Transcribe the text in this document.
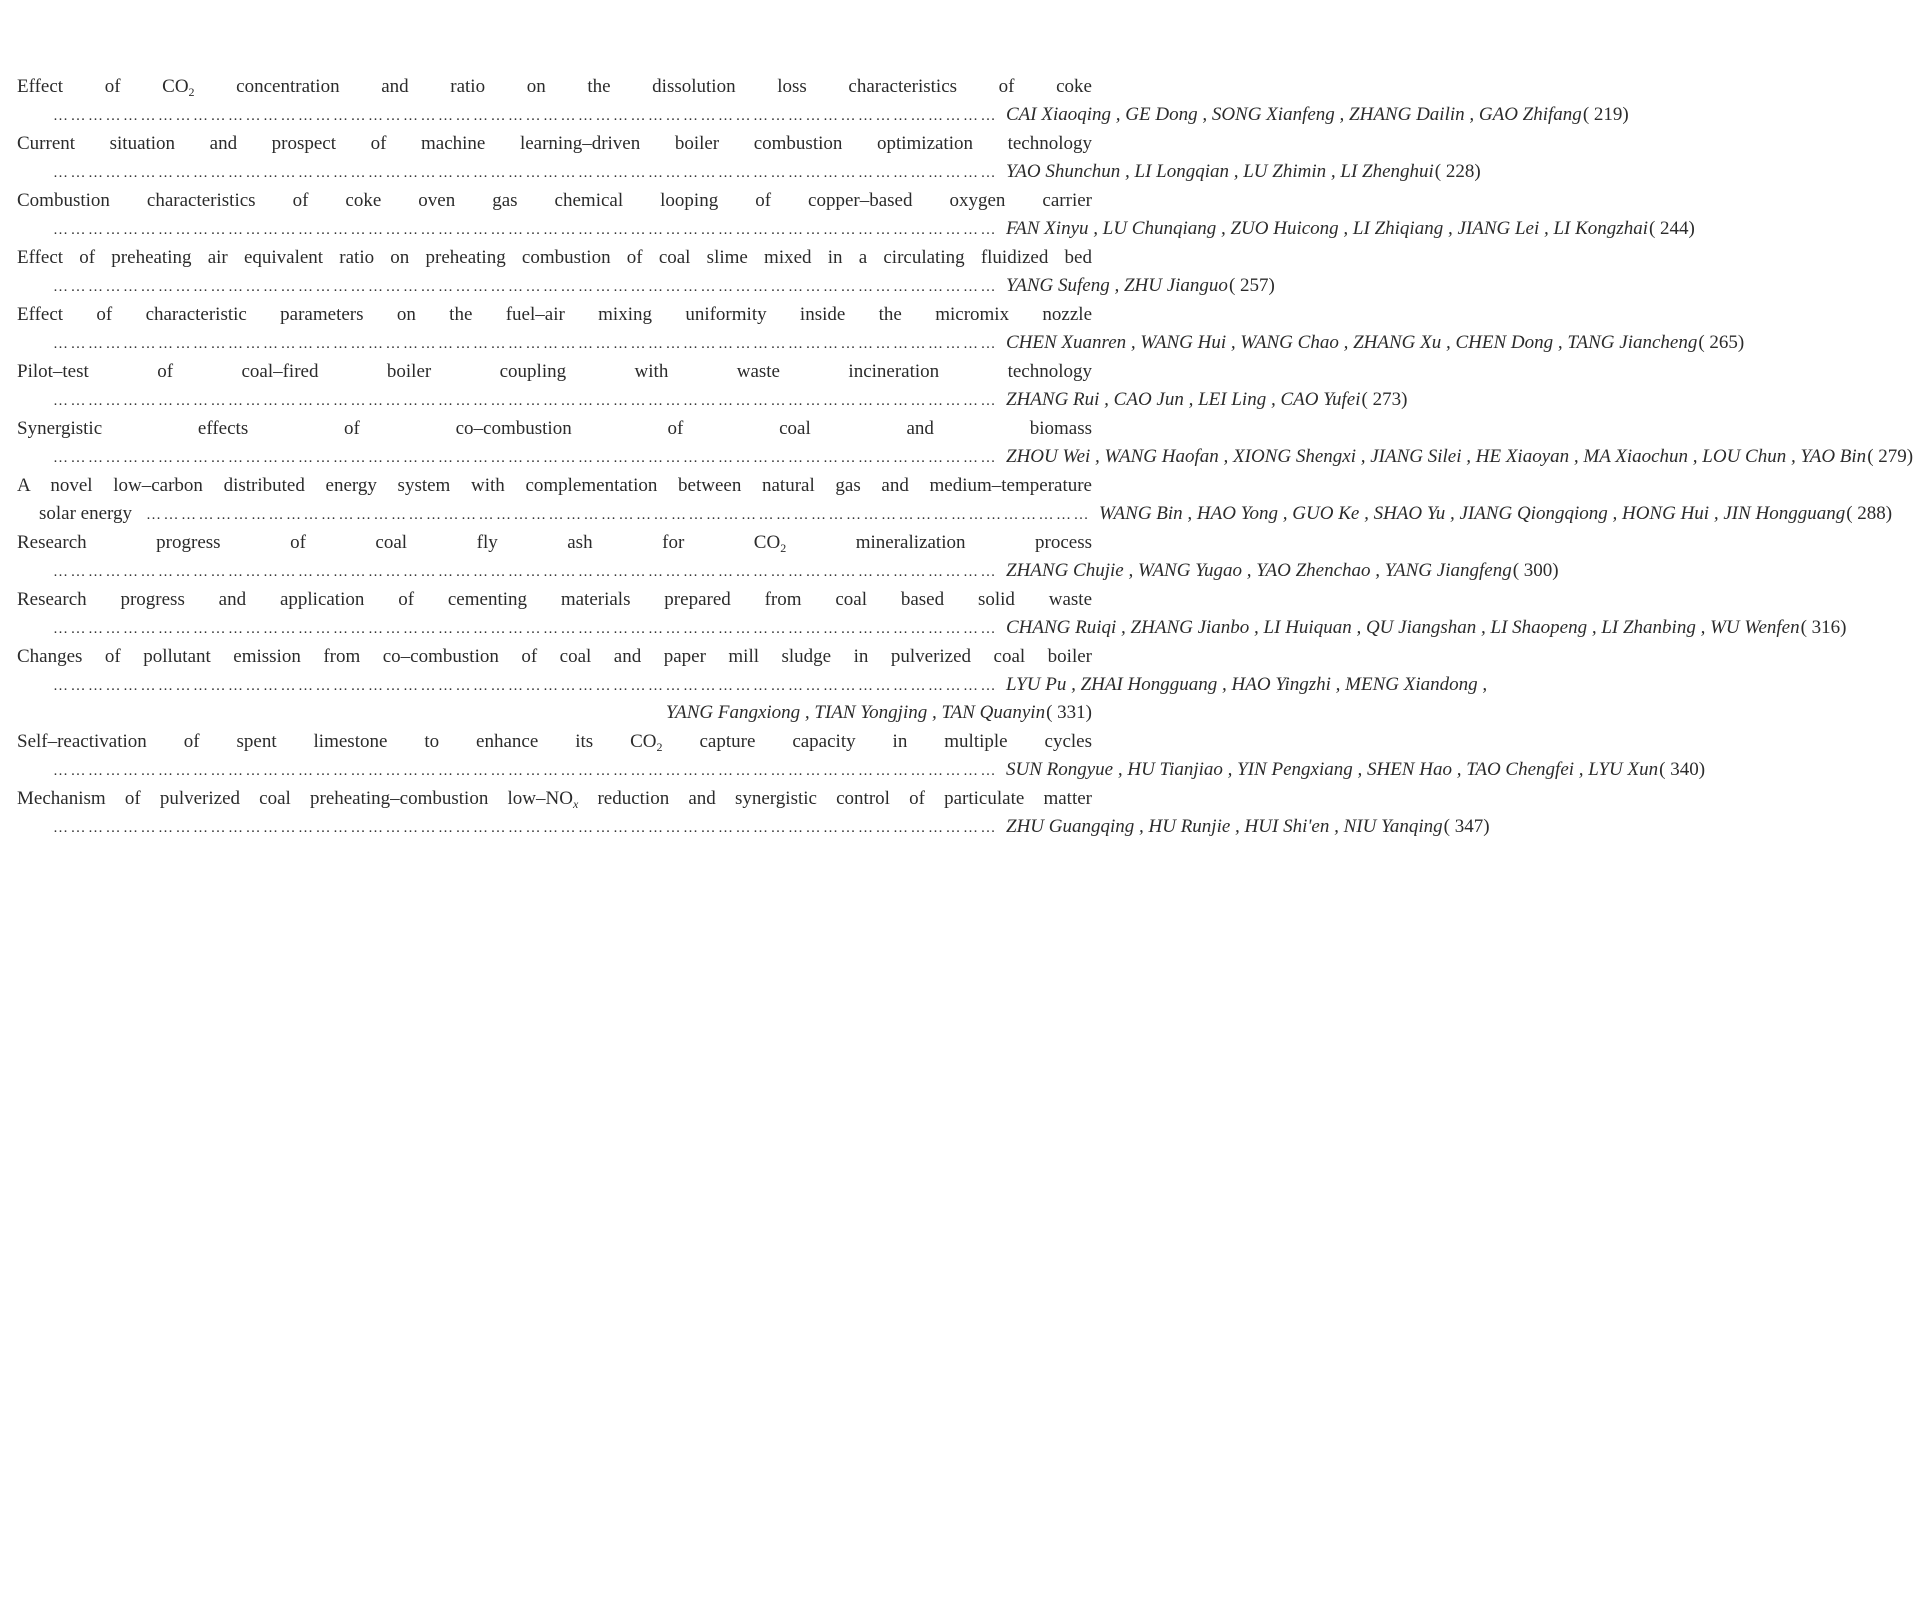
Effect of $CO_2$ concentration and ratio on the dissolution loss characteristics of coke
……………………………………………………………………………………………………………………………………………… CAI Xiaoqing , GE Dong , SONG Xianfeng , ZHANG Dailin , GAO Zhifang ( 219)
Current situation and prospect of machine learning–driven boiler combustion optimization technology
……………………………………………………………………………………………………………………………………………… YAO Shunchun , LI Longqian , LU Zhimin , LI Zhenghui ( 228)
Combustion characteristics of coke oven gas chemical looping of copper–based oxygen carrier
……………………………………………………………………………………………………………………………………………… FAN Xinyu , LU Chunqiang , ZUO Huicong , LI Zhiqiang , JIANG Lei , LI Kongzhai ( 244)
Effect of preheating air equivalent ratio on preheating combustion of coal slime mixed in a circulating fluidized bed
……………………………………………………………………………………………………………………………………………… YANG Sufeng , ZHU Jianguo ( 257)
Effect of characteristic parameters on the fuel–air mixing uniformity inside the micromix nozzle
……………………………………………………………………………………………………………………………………………… CHEN Xuanren , WANG Hui , WANG Chao , ZHANG Xu , CHEN Dong , TANG Jiancheng ( 265)
Pilot–test of coal–fired boiler coupling with waste incineration technology
……………………………………………………………………………………………………………………………………………… ZHANG Rui , CAO Jun , LEI Ling , CAO Yufei ( 273)
Synergistic effects of co–combustion of coal and biomass
……………………………………………………………………………………………………………………………………………… ZHOU Wei , WANG Haofan , XIONG Shengxi , JIANG Silei , HE Xiaoyan , MA Xiaochun , LOU Chun , YAO Bin ( 279)
A novel low–carbon distributed energy system with complementation between natural gas and medium–temperature
solar energy ……………………………………………………………………………………………………………………………………………… WANG Bin , HAO Yong , GUO Ke , SHAO Yu , JIANG Qiongqiong , HONG Hui , JIN Hongguang ( 288)
Research progress of coal fly ash for $CO_2$ mineralization process
……………………………………………………………………………………………………………………………………………… ZHANG Chujie , WANG Yugao , YAO Zhenchao , YANG Jiangfeng ( 300)
Research progress and application of cementing materials prepared from coal based solid waste
……………………………………………………………………………………………………………………………………………… CHANG Ruiqi , ZHANG Jianbo , LI Huiquan , QU Jiangshan , LI Shaopeng , LI Zhanbing , WU Wenfen ( 316)
Changes of pollutant emission from co–combustion of coal and paper mill sludge in pulverized coal boiler
……………………………………………………………………………………………………………………………………………… LYU Pu , ZHAI Hongguang , HAO Yingzhi , MENG Xiandong ,
YANG Fangxiong , TIAN Yongjing , TAN Quanyin( 331)
Self–reactivation of spent limestone to enhance its $CO_2$ capture capacity in multiple cycles
……………………………………………………………………………………………………………………………………………… SUN Rongyue , HU Tianjiao , YIN Pengxiang , SHEN Hao , TAO Chengfei , LYU Xun ( 340)
Mechanism of pulverized coal preheating–combustion low–$NO_x$ reduction and synergistic control of particulate matter
……………………………………………………………………………………………………………………………………………… ZHU Guangqing , HU Runjie , HUI Shi'en , NIU Yanqing ( 347)
